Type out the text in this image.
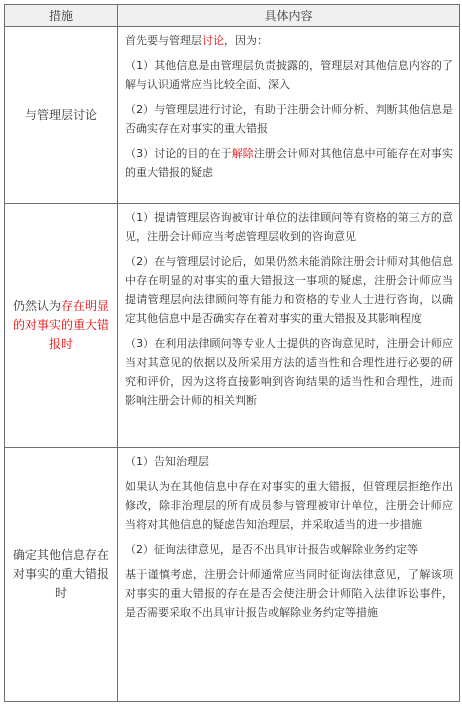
措施	具体内容
与管理层讨论	首先要与管理层讨论，因为：

（1）其他信息是由管理层负责披露的，管理层对其他信息内容的了解与认识通常应当比较全面、深入

（2）与管理层进行讨论，有助于注册会计师分析、判断其他信息是否确实存在对事实的重大错报

（3）讨论的目的在于解除注册会计师对其他信息中可能存在对事实的重大错报的疑虑

仍然认为存在明显的对事实的重大错报时	（1）提请管理层咨询被审计单位的法律顾问等有资格的第三方的意见，注册会计师应当考虑管理层收到的咨询意见

（2）在与管理层讨论后，如果仍然未能消除注册会计师对其他信息中存在明显的对事实的重大错报这一事项的疑虑，注册会计师应当提请管理层向法律顾问等有能力和资格的专业人士进行咨询，以确定其他信息中是否确实存在着对事实的重大错报及其影响程度

（3）在利用法律顾问等专业人士提供的咨询意见时，注册会计师应当对其意见的依据以及所采用方法的适当性和合理性进行必要的研究和评价，因为这将直接影响到咨询结果的适当性和合理性，进而影响注册会计师的相关判断

确定其他信息存在对事实的重大错报时	（1）告知治理层

如果认为在其他信息中存在对事实的重大错报，但管理层拒绝作出修改，除非治理层的所有成员参与管理被审计单位，注册会计师应当将对其他信息的疑虑告知治理层，并采取适当的进一步措施

（2）征询法律意见，是否不出具审计报告或解除业务约定等

基于谨慎考虑，注册会计师通常应当同时征询法律意见，了解该项对事实的重大错报的存在是否会使注册会计师陷入法律诉讼事件，是否需要采取不出具审计报告或解除业务约定等措施
